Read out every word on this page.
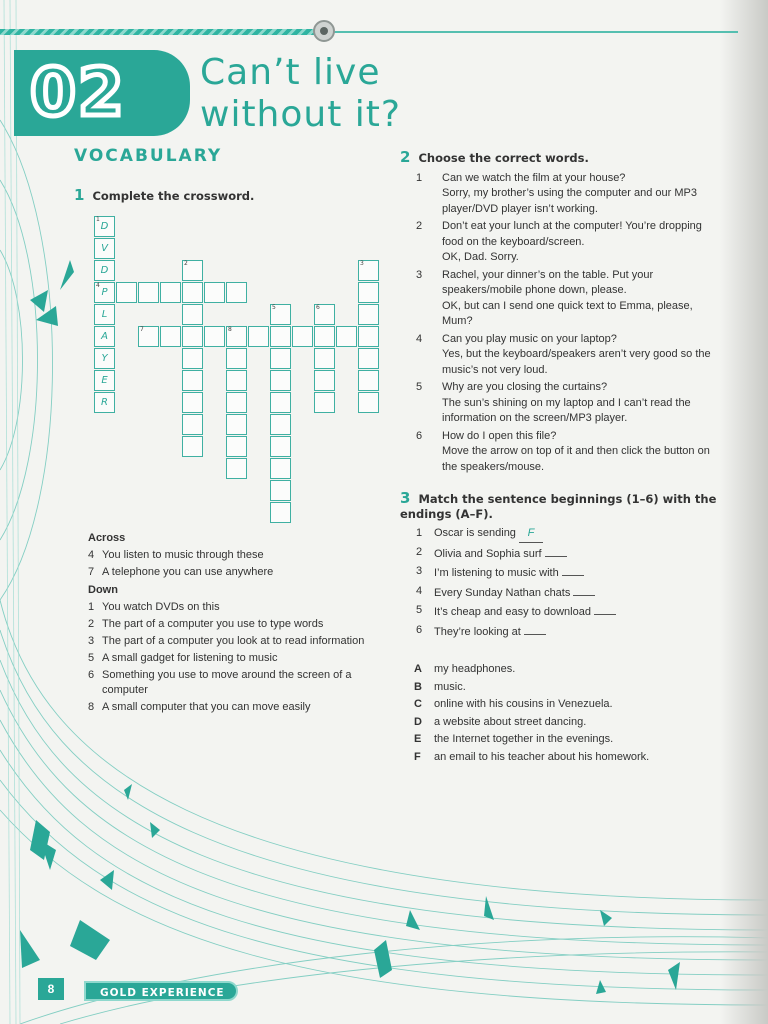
02 Can’t live
without it?
VOCABULARY
1 Complete the crossword.
D
1
V
D
P
4
L
A
Y
E
R
2	3
7	8
5	6
Across
4 You listen to music through these
7 A telephone you can use anywhere
Down
1 You watch DVDs on this
2 The part of a computer you use to type words
3 The part of a computer you look at to read information
5 A small gadget for listening to music
6 Something you use to move around the screen of a computer
8 A small computer that you can move easily
2 Choose the correct words.
1	Can we watch the film at your house?
Sorry, my brother’s using the computer and our MP3 player/DVD player isn’t working.
2	Don’t eat your lunch at the computer! You’re dropping food on the keyboard/screen.
OK, Dad. Sorry.
3	Rachel, your dinner’s on the table. Put your speakers/mobile phone down, please.
OK, but can I send one quick text to Emma, please, Mum?
4	Can you play music on your laptop?
Yes, but the keyboard/speakers aren’t very good so the music’s not very loud.
5	Why are you closing the curtains?
The sun’s shining on my laptop and I can’t read the information on the screen/MP3 player.
6	How do I open this file?
Move the arrow on top of it and then click the button on the speakers/mouse.
3 Match the sentence beginnings (1–6) with the endings (A–F).
1	Oscar is sending F
2	Olivia and Sophia surf
3	I’m listening to music with
4	Every Sunday Nathan chats
5	It’s cheap and easy to download
6	They’re looking at
A	my headphones.
B	music.
C	online with his cousins in Venezuela.
D	a website about street dancing.
E	the Internet together in the evenings.
F	an email to his teacher about his homework.
8	GOLD EXPERIENCE
